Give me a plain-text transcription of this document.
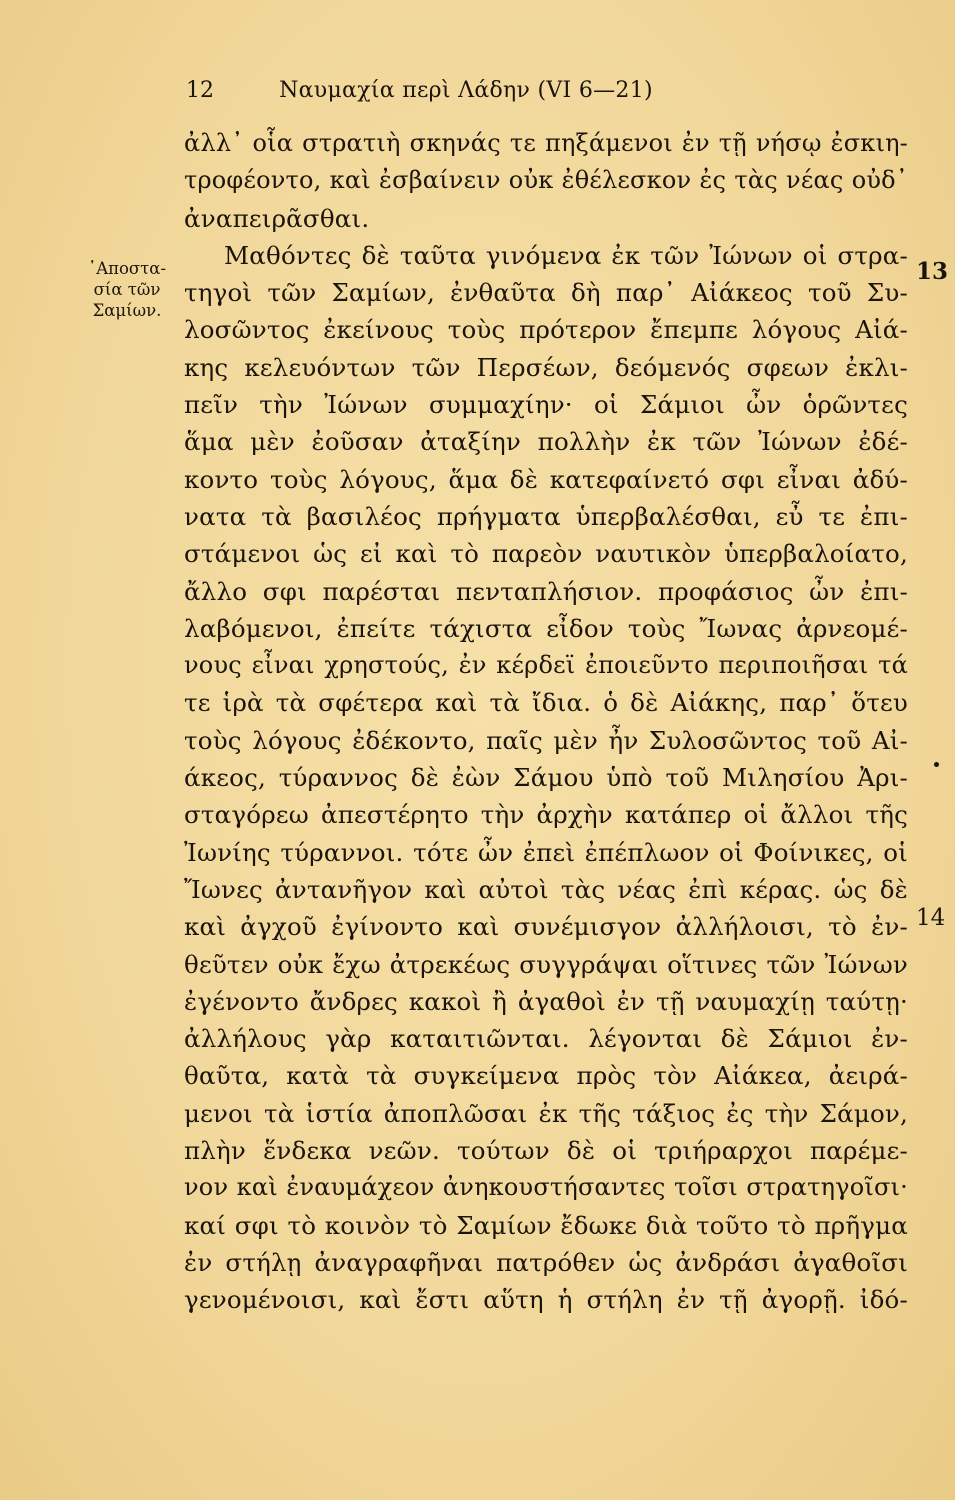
12	Ναυμαχία περὶ Λάδην (VI 6—21)
᾿Αποστα-
σία τῶν
Σαμίων.
13
14
ἀλλ᾿ οἷα στρατιὴ σκηνάς τε πηξάμενοι ἐν τῇ νήσῳ ἐσκιη-
τροφέοντο, καὶ ἐσβαίνειν οὐκ ἐθέλεσκον ἐς τὰς νέας οὐδ᾿
ἀναπειρᾶσθαι.
Μαθόντες δὲ ταῦτα γινόμενα ἐκ τῶν Ἰώνων οἱ στρα-
τηγοὶ τῶν Σαμίων, ἐνθαῦτα δὴ παρ᾿ Αἰάκεος τοῦ Συ-
λοσῶντος ἐκείνους τοὺς πρότερον ἔπεμπε λόγους Αἰά-
κης κελευόντων τῶν Περσέων, δεόμενός σφεων ἐκλι-
πεῖν τὴν Ἰώνων συμμαχίην· οἱ Σάμιοι ὦν ὁρῶντες
ἅμα μὲν ἐοῦσαν ἀταξίην πολλὴν ἐκ τῶν Ἰώνων ἐδέ-
κοντο τοὺς λόγους, ἅμα δὲ κατεφαίνετό σφι εἶναι ἀδύ-
νατα τὰ βασιλέος πρήγματα ὑπερβαλέσθαι, εὖ τε ἐπι-
στάμενοι ὡς εἰ καὶ τὸ παρεὸν ναυτικὸν ὑπερβαλοίατο,
ἄλλο σφι παρέσται πενταπλήσιον. προφάσιος ὦν ἐπι-
λαβόμενοι, ἐπείτε τάχιστα εἶδον τοὺς Ἴωνας ἀρνεομέ-
νους εἶναι χρηστούς, ἐν κέρδεϊ ἐποιεῦντο περιποιῆσαι τά
τε ἱρὰ τὰ σφέτερα καὶ τὰ ἴδια. ὁ δὲ Αἰάκης, παρ᾿ ὅτευ
τοὺς λόγους ἐδέκοντο, παῖς μὲν ἦν Συλοσῶντος τοῦ Αἰ-
άκεος, τύραννος δὲ ἐὼν Σάμου ὑπὸ τοῦ Μιλησίου Ἀρι-
σταγόρεω ἀπεστέρητο τὴν ἀρχὴν κατάπερ οἱ ἄλλοι τῆς
Ἰωνίης τύραννοι. τότε ὦν ἐπεὶ ἐπέπλωον οἱ Φοίνικες, οἱ
Ἴωνες ἀντανῆγον καὶ αὐτοὶ τὰς νέας ἐπὶ κέρας. ὡς δὲ
καὶ ἀγχοῦ ἐγίνοντο καὶ συνέμισγον ἀλλήλοισι, τὸ ἐν-
θεῦτεν οὐκ ἔχω ἀτρεκέως συγγράψαι οἵτινες τῶν Ἰώνων
ἐγένοντο ἄνδρες κακοὶ ἢ ἀγαθοὶ ἐν τῇ ναυμαχίῃ ταύτῃ·
ἀλλήλους γὰρ καταιτιῶνται. λέγονται δὲ Σάμιοι ἐν-
θαῦτα, κατὰ τὰ συγκείμενα πρὸς τὸν Αἰάκεα, ἀειρά-
μενοι τὰ ἱστία ἀποπλῶσαι ἐκ τῆς τάξιος ἐς τὴν Σάμον,
πλὴν ἕνδεκα νεῶν. τούτων δὲ οἱ τριήραρχοι παρέμε-
νον καὶ ἐναυμάχεον ἀνηκουστήσαντες τοῖσι στρατηγοῖσι·
καί σφι τὸ κοινὸν τὸ Σαμίων ἔδωκε διὰ τοῦτο τὸ πρῆγμα
ἐν στήλῃ ἀναγραφῆναι πατρόθεν ὡς ἀνδράσι ἀγαθοῖσι
γενομένοισι, καὶ ἔστι αὕτη ἡ στήλη ἐν τῇ ἀγορῇ. ἰδό-
